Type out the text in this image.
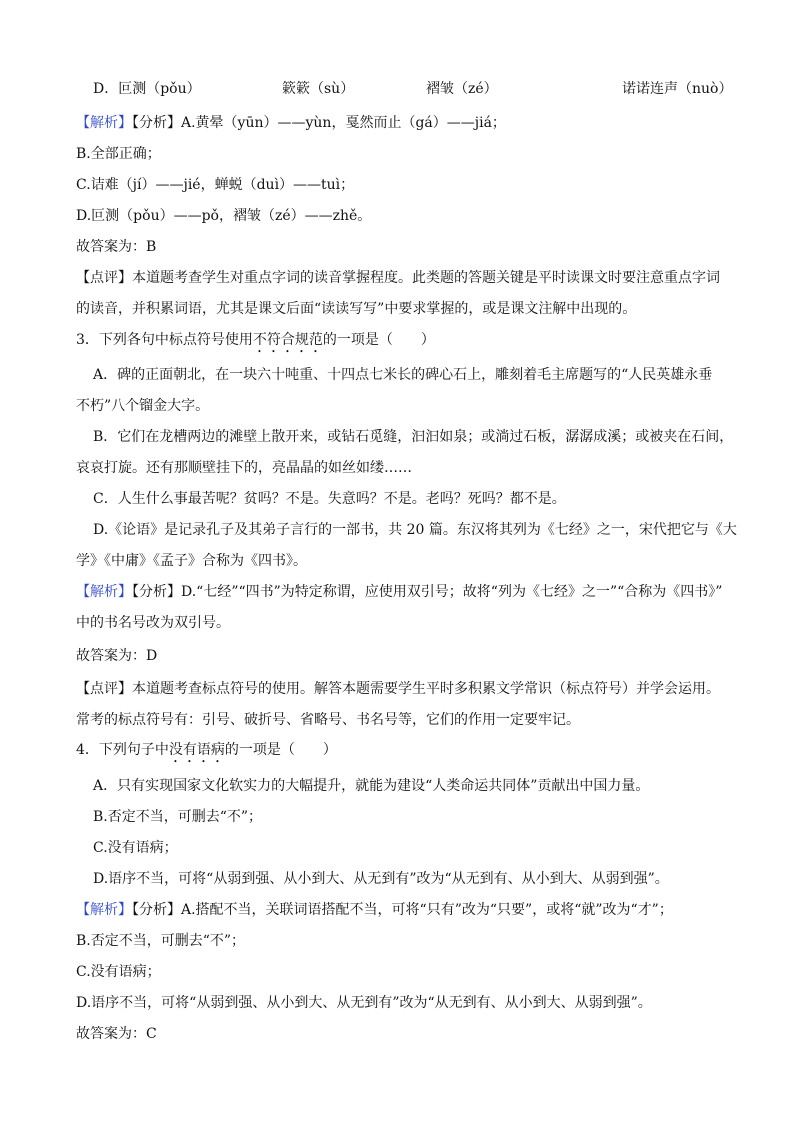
D．叵测（pǒu）	簌簌（sù）	褶皱（zé）	诺诺连声（nuò）
【解析】【分析】A.黄晕（yūn）——yùn，戛然而止（gá）——jiá；
B.全部正确；
C.诘难（jí）——jié，蝉蜕（duì）——tuì；
D.叵测（pǒu）——pǒ，褶皱（zé）——zhě。
故答案为：B
【点评】本道题考查学生对重点字词的读音掌握程度。此类题的答题关键是平时读课文时要注意重点字词
的读音，并积累词语，尤其是课文后面“读读写写”中要求掌握的，或是课文注解中出现的。
3．下列各句中标点符号使用不符合规范的一项是（　　）
A．碑的正面朝北，在一块六十吨重、十四点七米长的碑心石上，雕刻着毛主席题写的“人民英雄永垂
不朽”八个镏金大字。
B．它们在龙槽两边的滩壁上散开来，或钻石觅缝，汩汩如泉；或淌过石板，潺潺成溪；或被夹在石间，
哀哀打旋。还有那顺壁挂下的，亮晶晶的如丝如缕……
C．人生什么事最苦呢？贫吗？不是。失意吗？不是。老吗？死吗？都不是。
D.《论语》是记录孔子及其弟子言行的一部书，共 20 篇。东汉将其列为《七经》之一，宋代把它与《大
学》《中庸》《孟子》合称为《四书》。
【解析】【分析】D.“七经”“四书”为特定称谓，应使用双引号；故将“列为《七经》之一”“合称为《四书》”
中的书名号改为双引号。
故答案为：D
【点评】本道题考查标点符号的使用。解答本题需要学生平时多积累文学常识（标点符号）并学会运用。
常考的标点符号有：引号、破折号、省略号、书名号等，它们的作用一定要牢记。
4．下列句子中没有语病的一项是（　　）
A．只有实现国家文化软实力的大幅提升，就能为建设“人类命运共同体”贡献出中国力量。
B.否定不当，可删去“不”；
C.没有语病；
D.语序不当，可将“从弱到强、从小到大、从无到有”改为“从无到有、从小到大、从弱到强”。
【解析】【分析】A.搭配不当，关联词语搭配不当，可将“只有”改为“只要”，或将“就”改为“才”；
B.否定不当，可删去“不”；
C.没有语病；
D.语序不当，可将“从弱到强、从小到大、从无到有”改为“从无到有、从小到大、从弱到强”。
故答案为：C
